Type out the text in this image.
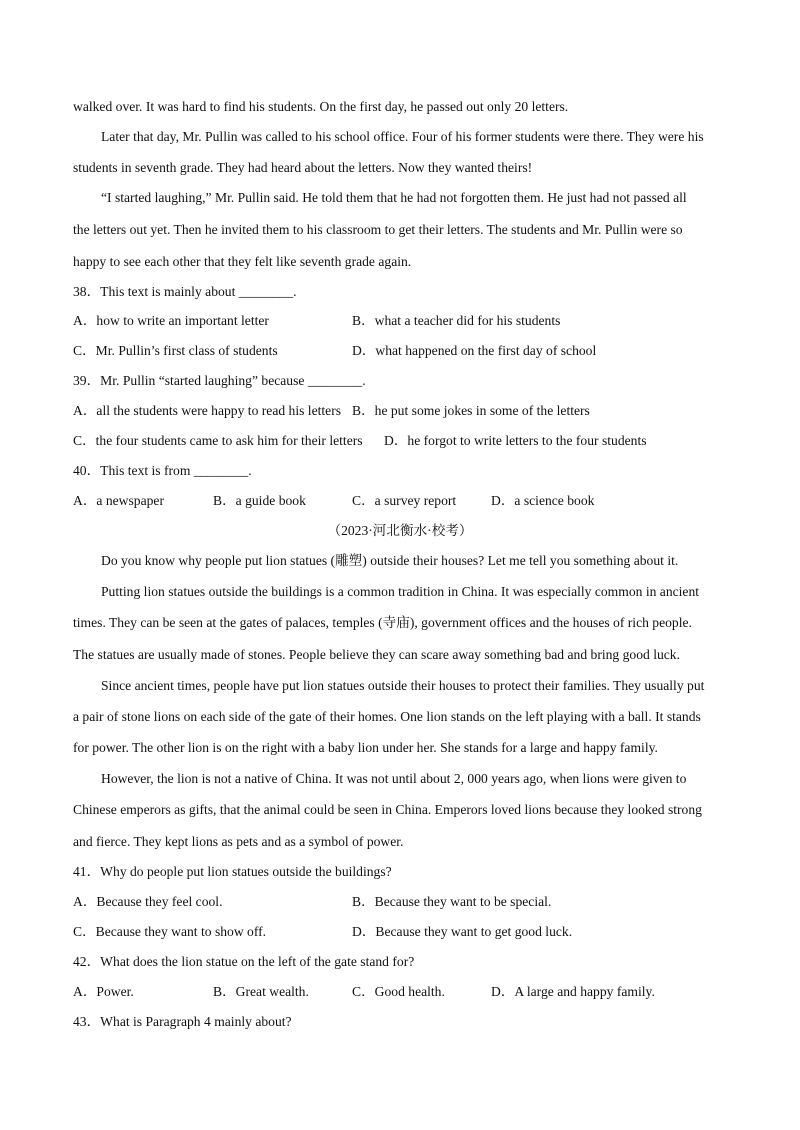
walked over. It was hard to find his students. On the first day, he passed out only 20 letters.
Later that day, Mr. Pullin was called to his school office. Four of his former students were there. They were his
students in seventh grade. They had heard about the letters. Now they wanted theirs!
“I started laughing,” Mr. Pullin said. He told them that he had not forgotten them. He just had not passed all
the letters out yet. Then he invited them to his classroom to get their letters. The students and Mr. Pullin were so
happy to see each other that they felt like seventh grade again.
38．This text is mainly about ________.
A．how to write an important letter	B．what a teacher did for his students
C．Mr. Pullin’s first class of students	D．what happened on the first day of school
39．Mr. Pullin “started laughing” because ________.
A．all the students were happy to read his letters B．he put some jokes in some of the letters
C．the four students came to ask him for their letters D．he forgot to write letters to the four students
40．This text is from ________.
A．a newspaper	B．a guide book	C．a survey report	D．a science book
（2023·河北衡水·校考）
Do you know why people put lion statues (雕塑) outside their houses? Let me tell you something about it.
Putting lion statues outside the buildings is a common tradition in China. It was especially common in ancient
times. They can be seen at the gates of palaces, temples (寺庙), government offices and the houses of rich people.
The statues are usually made of stones. People believe they can scare away something bad and bring good luck.
Since ancient times, people have put lion statues outside their houses to protect their families. They usually put
a pair of stone lions on each side of the gate of their homes. One lion stands on the left playing with a ball. It stands
for power. The other lion is on the right with a baby lion under her. She stands for a large and happy family.
However, the lion is not a native of China. It was not until about 2, 000 years ago, when lions were given to
Chinese emperors as gifts, that the animal could be seen in China. Emperors loved lions because they looked strong
and fierce. They kept lions as pets and as a symbol of power.
41．Why do people put lion statues outside the buildings?
A．Because they feel cool.	B．Because they want to be special.
C．Because they want to show off.	D．Because they want to get good luck.
42．What does the lion statue on the left of the gate stand for?
A．Power.	B．Great wealth.	C．Good health.	D．A large and happy family.
43．What is Paragraph 4 mainly about?
